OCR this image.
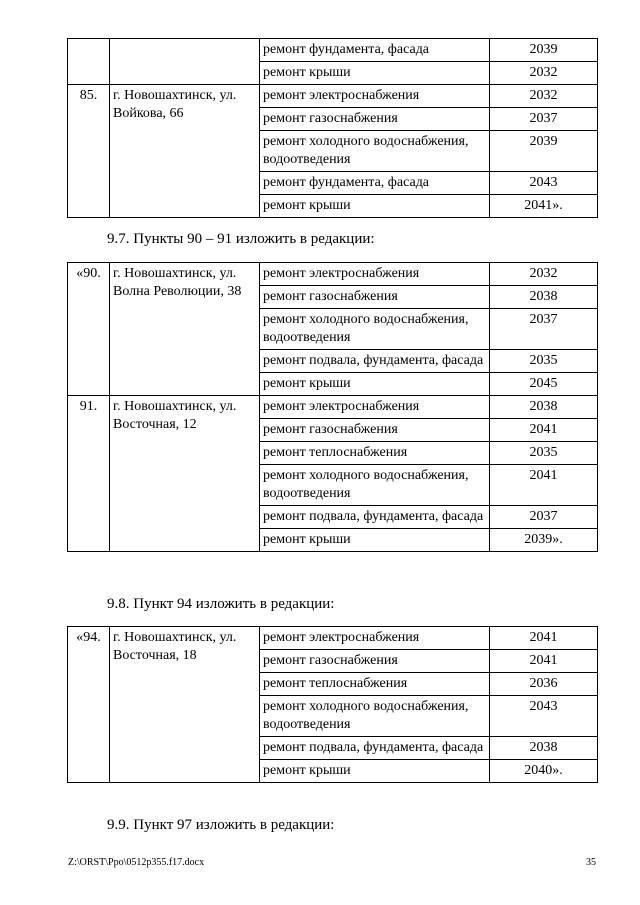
		ремонт фундамента, фасада	2039
		ремонт крыши	2032
85.	г. Новошахтинск, ул. Войкова, 66	ремонт электроснабжения	2032
		ремонт газоснабжения	2037
		ремонт холодного водоснабжения, водоотведения	2039
		ремонт фундамента, фасада	2043
		ремонт крыши	2041».
9.7. Пункты 90 – 91 изложить в редакции:
«90.	г. Новошахтинск, ул. Волна Революции, 38	ремонт электроснабжения	2032
		ремонт газоснабжения	2038
		ремонт холодного водоснабжения, водоотведения	2037
		ремонт подвала, фундамента, фасада	2035
		ремонт крыши	2045
91.	г. Новошахтинск, ул. Восточная, 12	ремонт электроснабжения	2038
		ремонт газоснабжения	2041
		ремонт теплоснабжения	2035
		ремонт холодного водоснабжения, водоотведения	2041
		ремонт подвала, фундамента, фасада	2037
		ремонт крыши	2039».
9.8. Пункт 94 изложить в редакции:
«94.	г. Новошахтинск, ул. Восточная, 18	ремонт электроснабжения	2041
		ремонт газоснабжения	2041
		ремонт теплоснабжения	2036
		ремонт холодного водоснабжения, водоотведения	2043
		ремонт подвала, фундамента, фасада	2038
		ремонт крыши	2040».
9.9. Пункт 97 изложить в редакции:
Z:\ORST\Ppo\0512p355.f17.docx	35
